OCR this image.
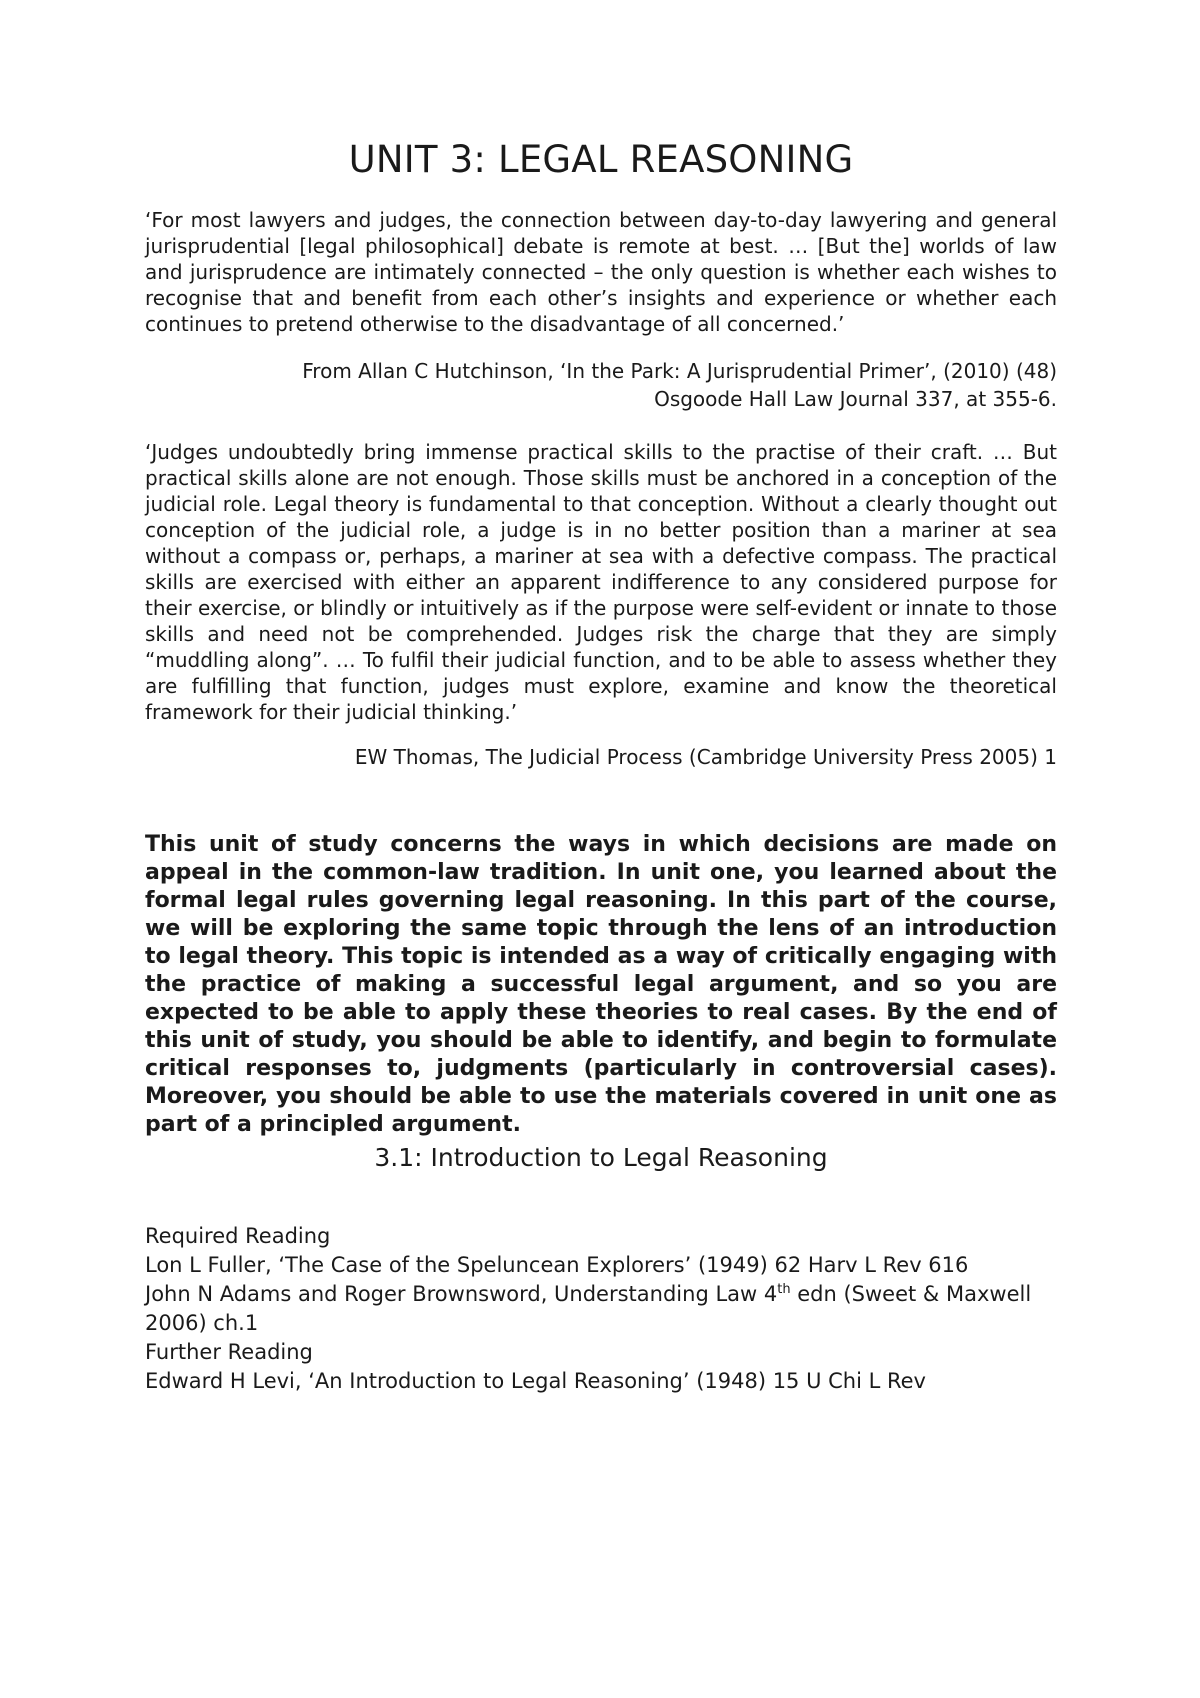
UNIT 3: LEGAL REASONING

‘For most lawyers and judges, the connection between day-to-day lawyering and general jurisprudential [legal philosophical] debate is remote at best. … [But the] worlds of law and jurisprudence are intimately connected – the only question is whether each wishes to recognise that and benefit from each other’s insights and experience or whether each continues to pretend otherwise to the disadvantage of all concerned.’

From Allan C Hutchinson, ‘In the Park: A Jurisprudential Primer’, (2010) (48)

Osgoode Hall Law Journal 337, at 355-6.

‘Judges undoubtedly bring immense practical skills to the practise of their craft. … But practical skills alone are not enough. Those skills must be anchored in a conception of the judicial role. Legal theory is fundamental to that conception. Without a clearly thought out conception of the judicial role, a judge is in no better position than a mariner at sea without a compass or, perhaps, a mariner at sea with a defective compass. The practical skills are exercised with either an apparent indifference to any considered purpose for their exercise, or blindly or intuitively as if the purpose were self-evident or innate to those skills and need not be comprehended. Judges risk the charge that they are simply “muddling along”. … To fulfil their judicial function, and to be able to assess whether they are fulfilling that function, judges must explore, examine and know the theoretical framework for their judicial thinking.’

EW Thomas, The Judicial Process (Cambridge University Press 2005) 1

This unit of study concerns the ways in which decisions are made on appeal in the common-law tradition. In unit one, you learned about the formal legal rules governing legal reasoning. In this part of the course, we will be exploring the same topic through the lens of an introduction to legal theory. This topic is intended as a way of critically engaging with the practice of making a successful legal argument, and so you are expected to be able to apply these theories to real cases. By the end of this unit of study, you should be able to identify, and begin to formulate critical responses to, judgments (particularly in controversial cases). Moreover, you should be able to use the materials covered in unit one as part of a principled argument.

3.1: Introduction to Legal Reasoning
Required Reading
Lon L Fuller, ‘The Case of the Speluncean Explorers’ (1949) 62 Harv L Rev 616
John N Adams and Roger Brownsword, Understanding Law 4th edn (Sweet & Maxwell 2006) ch.1
Further Reading
Edward H Levi, ‘An Introduction to Legal Reasoning’ (1948) 15 U Chi L Rev
